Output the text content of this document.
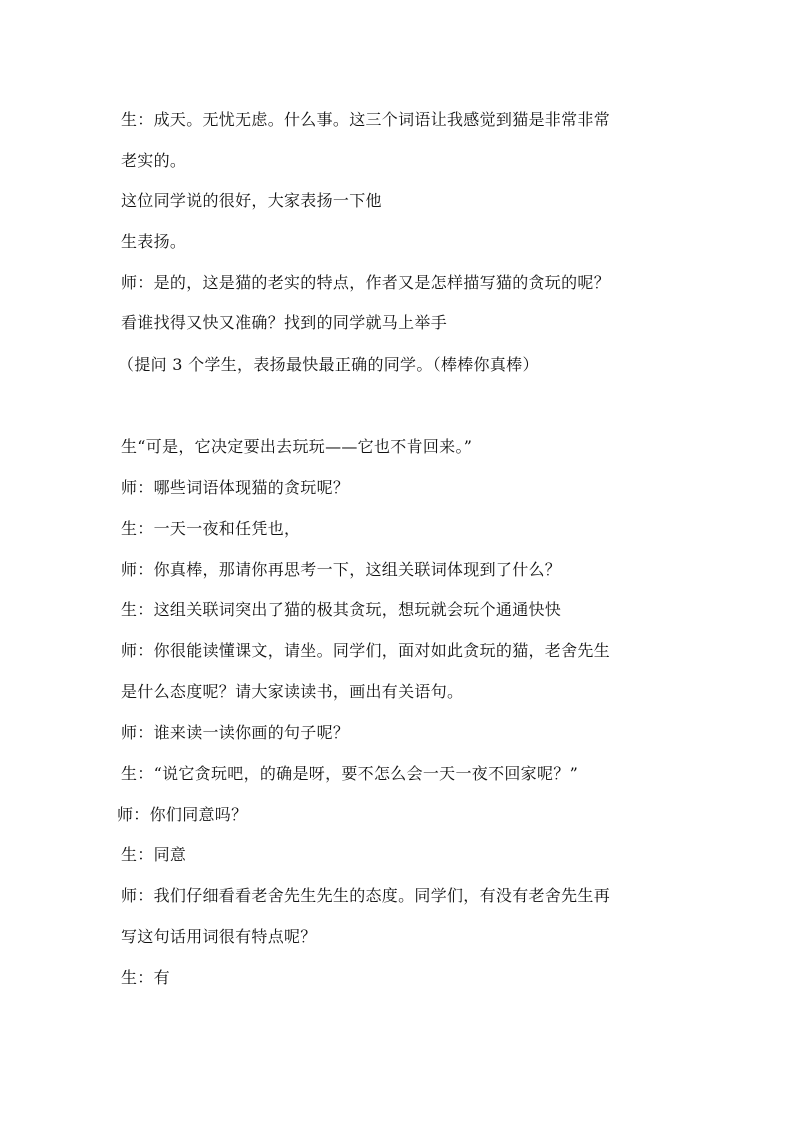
生：成天。无忧无虑。什么事。这三个词语让我感觉到猫是非常非常
老实的。
这位同学说的很好，大家表扬一下他
生表扬。
师：是的，这是猫的老实的特点，作者又是怎样描写猫的贪玩的呢？
看谁找得又快又准确？找到的同学就马上举手
（提问 3 个学生，表扬最快最正确的同学。（棒棒你真棒）
生“可是，它决定要出去玩玩——它也不肯回来。”
师：哪些词语体现猫的贪玩呢？
生：一天一夜和任凭也，
师：你真棒，那请你再思考一下，这组关联词体现到了什么？
生：这组关联词突出了猫的极其贪玩，想玩就会玩个通通快快
师：你很能读懂课文，请坐。同学们，面对如此贪玩的猫，老舍先生
是什么态度呢？请大家读读书，画出有关语句。
师：谁来读一读你画的句子呢？
生：“说它贪玩吧，的确是呀，要不怎么会一天一夜不回家呢？”
师：你们同意吗？
生：同意
师：我们仔细看看老舍先生先生的态度。同学们，有没有老舍先生再
写这句话用词很有特点呢？
生：有
